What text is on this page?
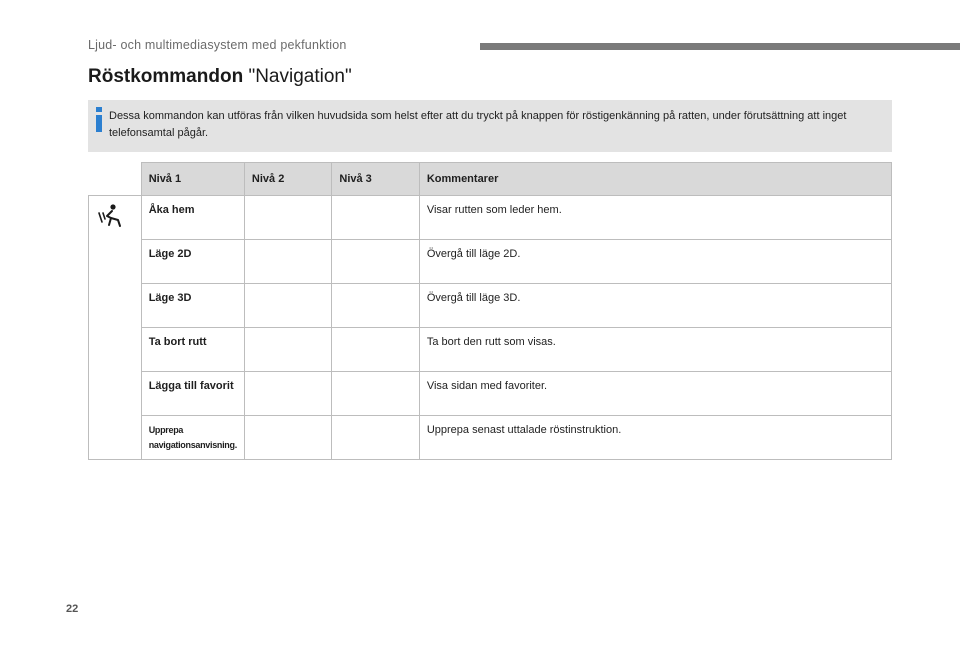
Ljud- och multimediasystem med pekfunktion
Röstkommandon "Navigation"
Dessa kommandon kan utföras från vilken huvudsida som helst efter att du tryckt på knappen för röstigenkänning på ratten, under förutsättning att inget telefonsamtal pågår.
	Nivå 1	Nivå 2	Nivå 3	Kommentarer
	Åka hem			Visar rutten som leder hem.
	Läge 2D			Övergå till läge 2D.
	Läge 3D			Övergå till läge 3D.
	Ta bort rutt			Ta bort den rutt som visas.
	Lägga till favorit			Visa sidan med favoriter.
	Upprepa navigationsanvisning.			Upprepa senast uttalade röstinstruktion.
22
